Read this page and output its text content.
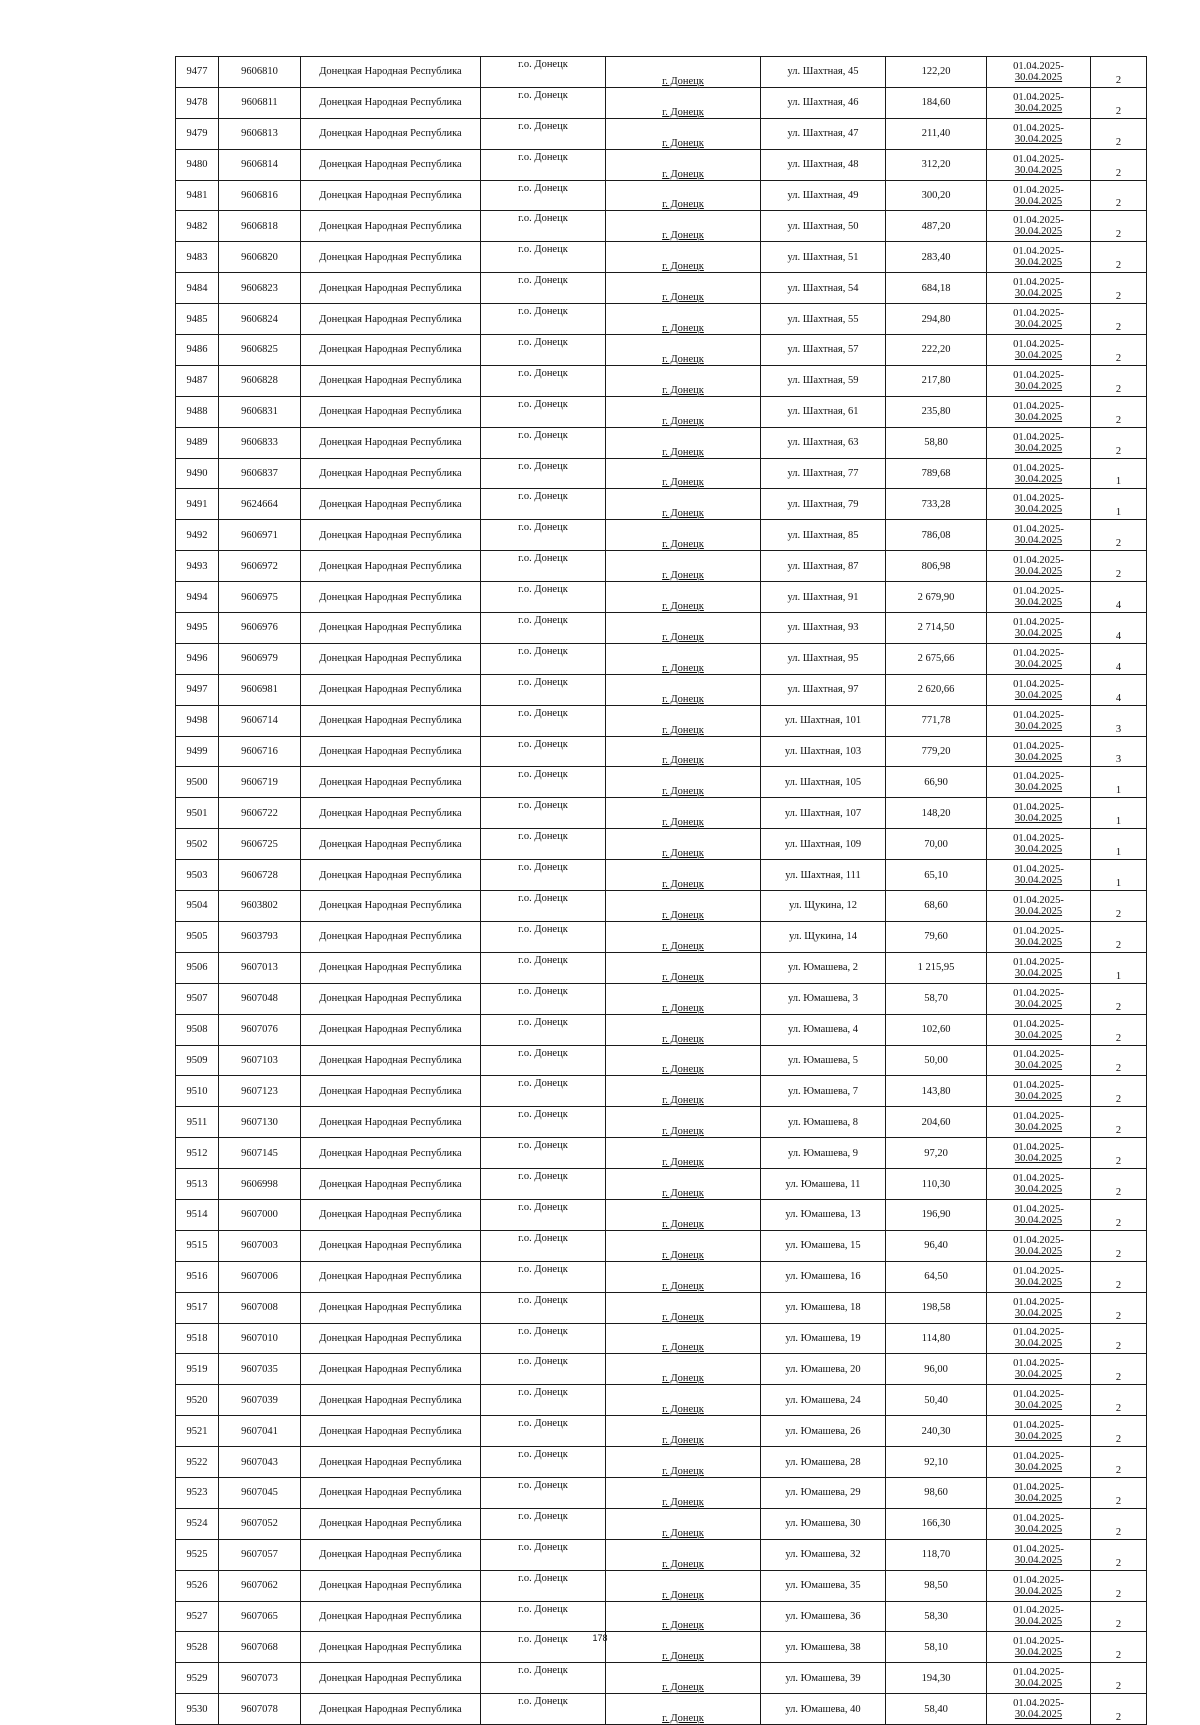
9477	9606810	Донецкая Народная Республика	г.о. Донецк	г. Донецк	ул. Шахтная, 45	122,20	01.04.2025-
30.04.2025	2
9478	9606811	Донецкая Народная Республика	г.о. Донецк	г. Донецк	ул. Шахтная, 46	184,60	01.04.2025-
30.04.2025	2
9479	9606813	Донецкая Народная Республика	г.о. Донецк	г. Донецк	ул. Шахтная, 47	211,40	01.04.2025-
30.04.2025	2
9480	9606814	Донецкая Народная Республика	г.о. Донецк	г. Донецк	ул. Шахтная, 48	312,20	01.04.2025-
30.04.2025	2
9481	9606816	Донецкая Народная Республика	г.о. Донецк	г. Донецк	ул. Шахтная, 49	300,20	01.04.2025-
30.04.2025	2
9482	9606818	Донецкая Народная Республика	г.о. Донецк	г. Донецк	ул. Шахтная, 50	487,20	01.04.2025-
30.04.2025	2
9483	9606820	Донецкая Народная Республика	г.о. Донецк	г. Донецк	ул. Шахтная, 51	283,40	01.04.2025-
30.04.2025	2
9484	9606823	Донецкая Народная Республика	г.о. Донецк	г. Донецк	ул. Шахтная, 54	684,18	01.04.2025-
30.04.2025	2
9485	9606824	Донецкая Народная Республика	г.о. Донецк	г. Донецк	ул. Шахтная, 55	294,80	01.04.2025-
30.04.2025	2
9486	9606825	Донецкая Народная Республика	г.о. Донецк	г. Донецк	ул. Шахтная, 57	222,20	01.04.2025-
30.04.2025	2
9487	9606828	Донецкая Народная Республика	г.о. Донецк	г. Донецк	ул. Шахтная, 59	217,80	01.04.2025-
30.04.2025	2
9488	9606831	Донецкая Народная Республика	г.о. Донецк	г. Донецк	ул. Шахтная, 61	235,80	01.04.2025-
30.04.2025	2
9489	9606833	Донецкая Народная Республика	г.о. Донецк	г. Донецк	ул. Шахтная, 63	58,80	01.04.2025-
30.04.2025	2
9490	9606837	Донецкая Народная Республика	г.о. Донецк	г. Донецк	ул. Шахтная, 77	789,68	01.04.2025-
30.04.2025	1
9491	9624664	Донецкая Народная Республика	г.о. Донецк	г. Донецк	ул. Шахтная, 79	733,28	01.04.2025-
30.04.2025	1
9492	9606971	Донецкая Народная Республика	г.о. Донецк	г. Донецк	ул. Шахтная, 85	786,08	01.04.2025-
30.04.2025	2
9493	9606972	Донецкая Народная Республика	г.о. Донецк	г. Донецк	ул. Шахтная, 87	806,98	01.04.2025-
30.04.2025	2
9494	9606975	Донецкая Народная Республика	г.о. Донецк	г. Донецк	ул. Шахтная, 91	2 679,90	01.04.2025-
30.04.2025	4
9495	9606976	Донецкая Народная Республика	г.о. Донецк	г. Донецк	ул. Шахтная, 93	2 714,50	01.04.2025-
30.04.2025	4
9496	9606979	Донецкая Народная Республика	г.о. Донецк	г. Донецк	ул. Шахтная, 95	2 675,66	01.04.2025-
30.04.2025	4
9497	9606981	Донецкая Народная Республика	г.о. Донецк	г. Донецк	ул. Шахтная, 97	2 620,66	01.04.2025-
30.04.2025	4
9498	9606714	Донецкая Народная Республика	г.о. Донецк	г. Донецк	ул. Шахтная, 101	771,78	01.04.2025-
30.04.2025	3
9499	9606716	Донецкая Народная Республика	г.о. Донецк	г. Донецк	ул. Шахтная, 103	779,20	01.04.2025-
30.04.2025	3
9500	9606719	Донецкая Народная Республика	г.о. Донецк	г. Донецк	ул. Шахтная, 105	66,90	01.04.2025-
30.04.2025	1
9501	9606722	Донецкая Народная Республика	г.о. Донецк	г. Донецк	ул. Шахтная, 107	148,20	01.04.2025-
30.04.2025	1
9502	9606725	Донецкая Народная Республика	г.о. Донецк	г. Донецк	ул. Шахтная, 109	70,00	01.04.2025-
30.04.2025	1
9503	9606728	Донецкая Народная Республика	г.о. Донецк	г. Донецк	ул. Шахтная, 111	65,10	01.04.2025-
30.04.2025	1
9504	9603802	Донецкая Народная Республика	г.о. Донецк	г. Донецк	ул. Щукина, 12	68,60	01.04.2025-
30.04.2025	2
9505	9603793	Донецкая Народная Республика	г.о. Донецк	г. Донецк	ул. Щукина, 14	79,60	01.04.2025-
30.04.2025	2
9506	9607013	Донецкая Народная Республика	г.о. Донецк	г. Донецк	ул. Юмашева, 2	1 215,95	01.04.2025-
30.04.2025	1
9507	9607048	Донецкая Народная Республика	г.о. Донецк	г. Донецк	ул. Юмашева, 3	58,70	01.04.2025-
30.04.2025	2
9508	9607076	Донецкая Народная Республика	г.о. Донецк	г. Донецк	ул. Юмашева, 4	102,60	01.04.2025-
30.04.2025	2
9509	9607103	Донецкая Народная Республика	г.о. Донецк	г. Донецк	ул. Юмашева, 5	50,00	01.04.2025-
30.04.2025	2
9510	9607123	Донецкая Народная Республика	г.о. Донецк	г. Донецк	ул. Юмашева, 7	143,80	01.04.2025-
30.04.2025	2
9511	9607130	Донецкая Народная Республика	г.о. Донецк	г. Донецк	ул. Юмашева, 8	204,60	01.04.2025-
30.04.2025	2
9512	9607145	Донецкая Народная Республика	г.о. Донецк	г. Донецк	ул. Юмашева, 9	97,20	01.04.2025-
30.04.2025	2
9513	9606998	Донецкая Народная Республика	г.о. Донецк	г. Донецк	ул. Юмашева, 11	110,30	01.04.2025-
30.04.2025	2
9514	9607000	Донецкая Народная Республика	г.о. Донецк	г. Донецк	ул. Юмашева, 13	196,90	01.04.2025-
30.04.2025	2
9515	9607003	Донецкая Народная Республика	г.о. Донецк	г. Донецк	ул. Юмашева, 15	96,40	01.04.2025-
30.04.2025	2
9516	9607006	Донецкая Народная Республика	г.о. Донецк	г. Донецк	ул. Юмашева, 16	64,50	01.04.2025-
30.04.2025	2
9517	9607008	Донецкая Народная Республика	г.о. Донецк	г. Донецк	ул. Юмашева, 18	198,58	01.04.2025-
30.04.2025	2
9518	9607010	Донецкая Народная Республика	г.о. Донецк	г. Донецк	ул. Юмашева, 19	114,80	01.04.2025-
30.04.2025	2
9519	9607035	Донецкая Народная Республика	г.о. Донецк	г. Донецк	ул. Юмашева, 20	96,00	01.04.2025-
30.04.2025	2
9520	9607039	Донецкая Народная Республика	г.о. Донецк	г. Донецк	ул. Юмашева, 24	50,40	01.04.2025-
30.04.2025	2
9521	9607041	Донецкая Народная Республика	г.о. Донецк	г. Донецк	ул. Юмашева, 26	240,30	01.04.2025-
30.04.2025	2
9522	9607043	Донецкая Народная Республика	г.о. Донецк	г. Донецк	ул. Юмашева, 28	92,10	01.04.2025-
30.04.2025	2
9523	9607045	Донецкая Народная Республика	г.о. Донецк	г. Донецк	ул. Юмашева, 29	98,60	01.04.2025-
30.04.2025	2
9524	9607052	Донецкая Народная Республика	г.о. Донецк	г. Донецк	ул. Юмашева, 30	166,30	01.04.2025-
30.04.2025	2
9525	9607057	Донецкая Народная Республика	г.о. Донецк	г. Донецк	ул. Юмашева, 32	118,70	01.04.2025-
30.04.2025	2
9526	9607062	Донецкая Народная Республика	г.о. Донецк	г. Донецк	ул. Юмашева, 35	98,50	01.04.2025-
30.04.2025	2
9527	9607065	Донецкая Народная Республика	г.о. Донецк	г. Донецк	ул. Юмашева, 36	58,30	01.04.2025-
30.04.2025	2
9528	9607068	Донецкая Народная Республика	г.о. Донецк	г. Донецк	ул. Юмашева, 38	58,10	01.04.2025-
30.04.2025	2
9529	9607073	Донецкая Народная Республика	г.о. Донецк	г. Донецк	ул. Юмашева, 39	194,30	01.04.2025-
30.04.2025	2
9530	9607078	Донецкая Народная Республика	г.о. Донецк	г. Донецк	ул. Юмашева, 40	58,40	01.04.2025-
30.04.2025	2
178
